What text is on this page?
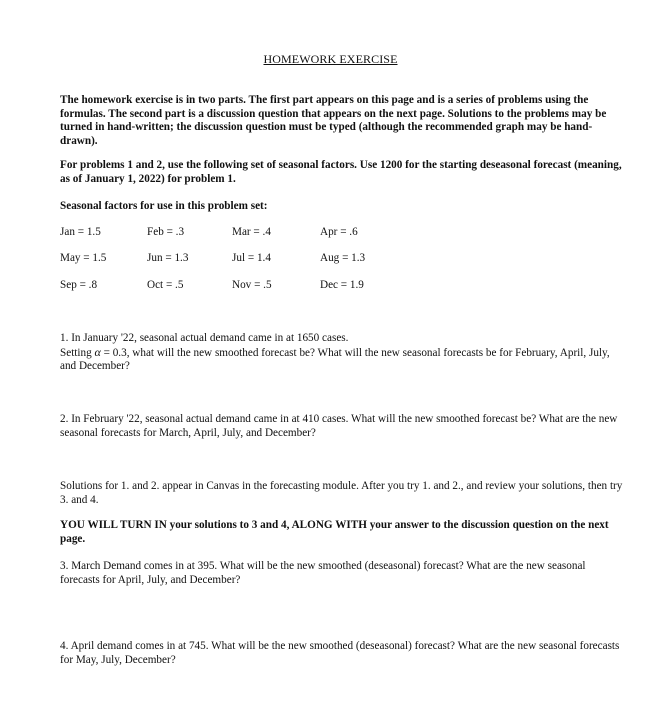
HOMEWORK EXERCISE
The homework exercise is in two parts. The first part appears on this page and is a series of problems using the formulas. The second part is a discussion question that appears on the next page. Solutions to the problems may be turned in hand-written; the discussion question must be typed (although the recommended graph may be hand-drawn).
For problems 1 and 2, use the following set of seasonal factors. Use 1200 for the starting deseasonal forecast (meaning, as of January 1, 2022) for problem 1.
Seasonal factors for use in this problem set:
Jan = 1.5	Feb = .3	Mar = .4	Apr = .6
May = 1.5	Jun = 1.3	Jul = 1.4	Aug = 1.3
Sep = .8	Oct = .5	Nov = .5	Dec = 1.9
1. In January '22, seasonal actual demand came in at 1650 cases.
Setting α = 0.3, what will the new smoothed forecast be? What will the new seasonal forecasts be for February, April, July, and December?
2. In February '22, seasonal actual demand came in at 410 cases. What will the new smoothed forecast be? What are the new seasonal forecasts for March, April, July, and December?
Solutions for 1. and 2. appear in Canvas in the forecasting module. After you try 1. and 2., and review your solutions, then try 3. and 4.
YOU WILL TURN IN your solutions to 3 and 4, ALONG WITH your answer to the discussion question on the next page.
3. March Demand comes in at 395. What will be the new smoothed (deseasonal) forecast? What are the new seasonal forecasts for April, July, and December?
4. April demand comes in at 745. What will be the new smoothed (deseasonal) forecast? What are the new seasonal forecasts for May, July, December?
